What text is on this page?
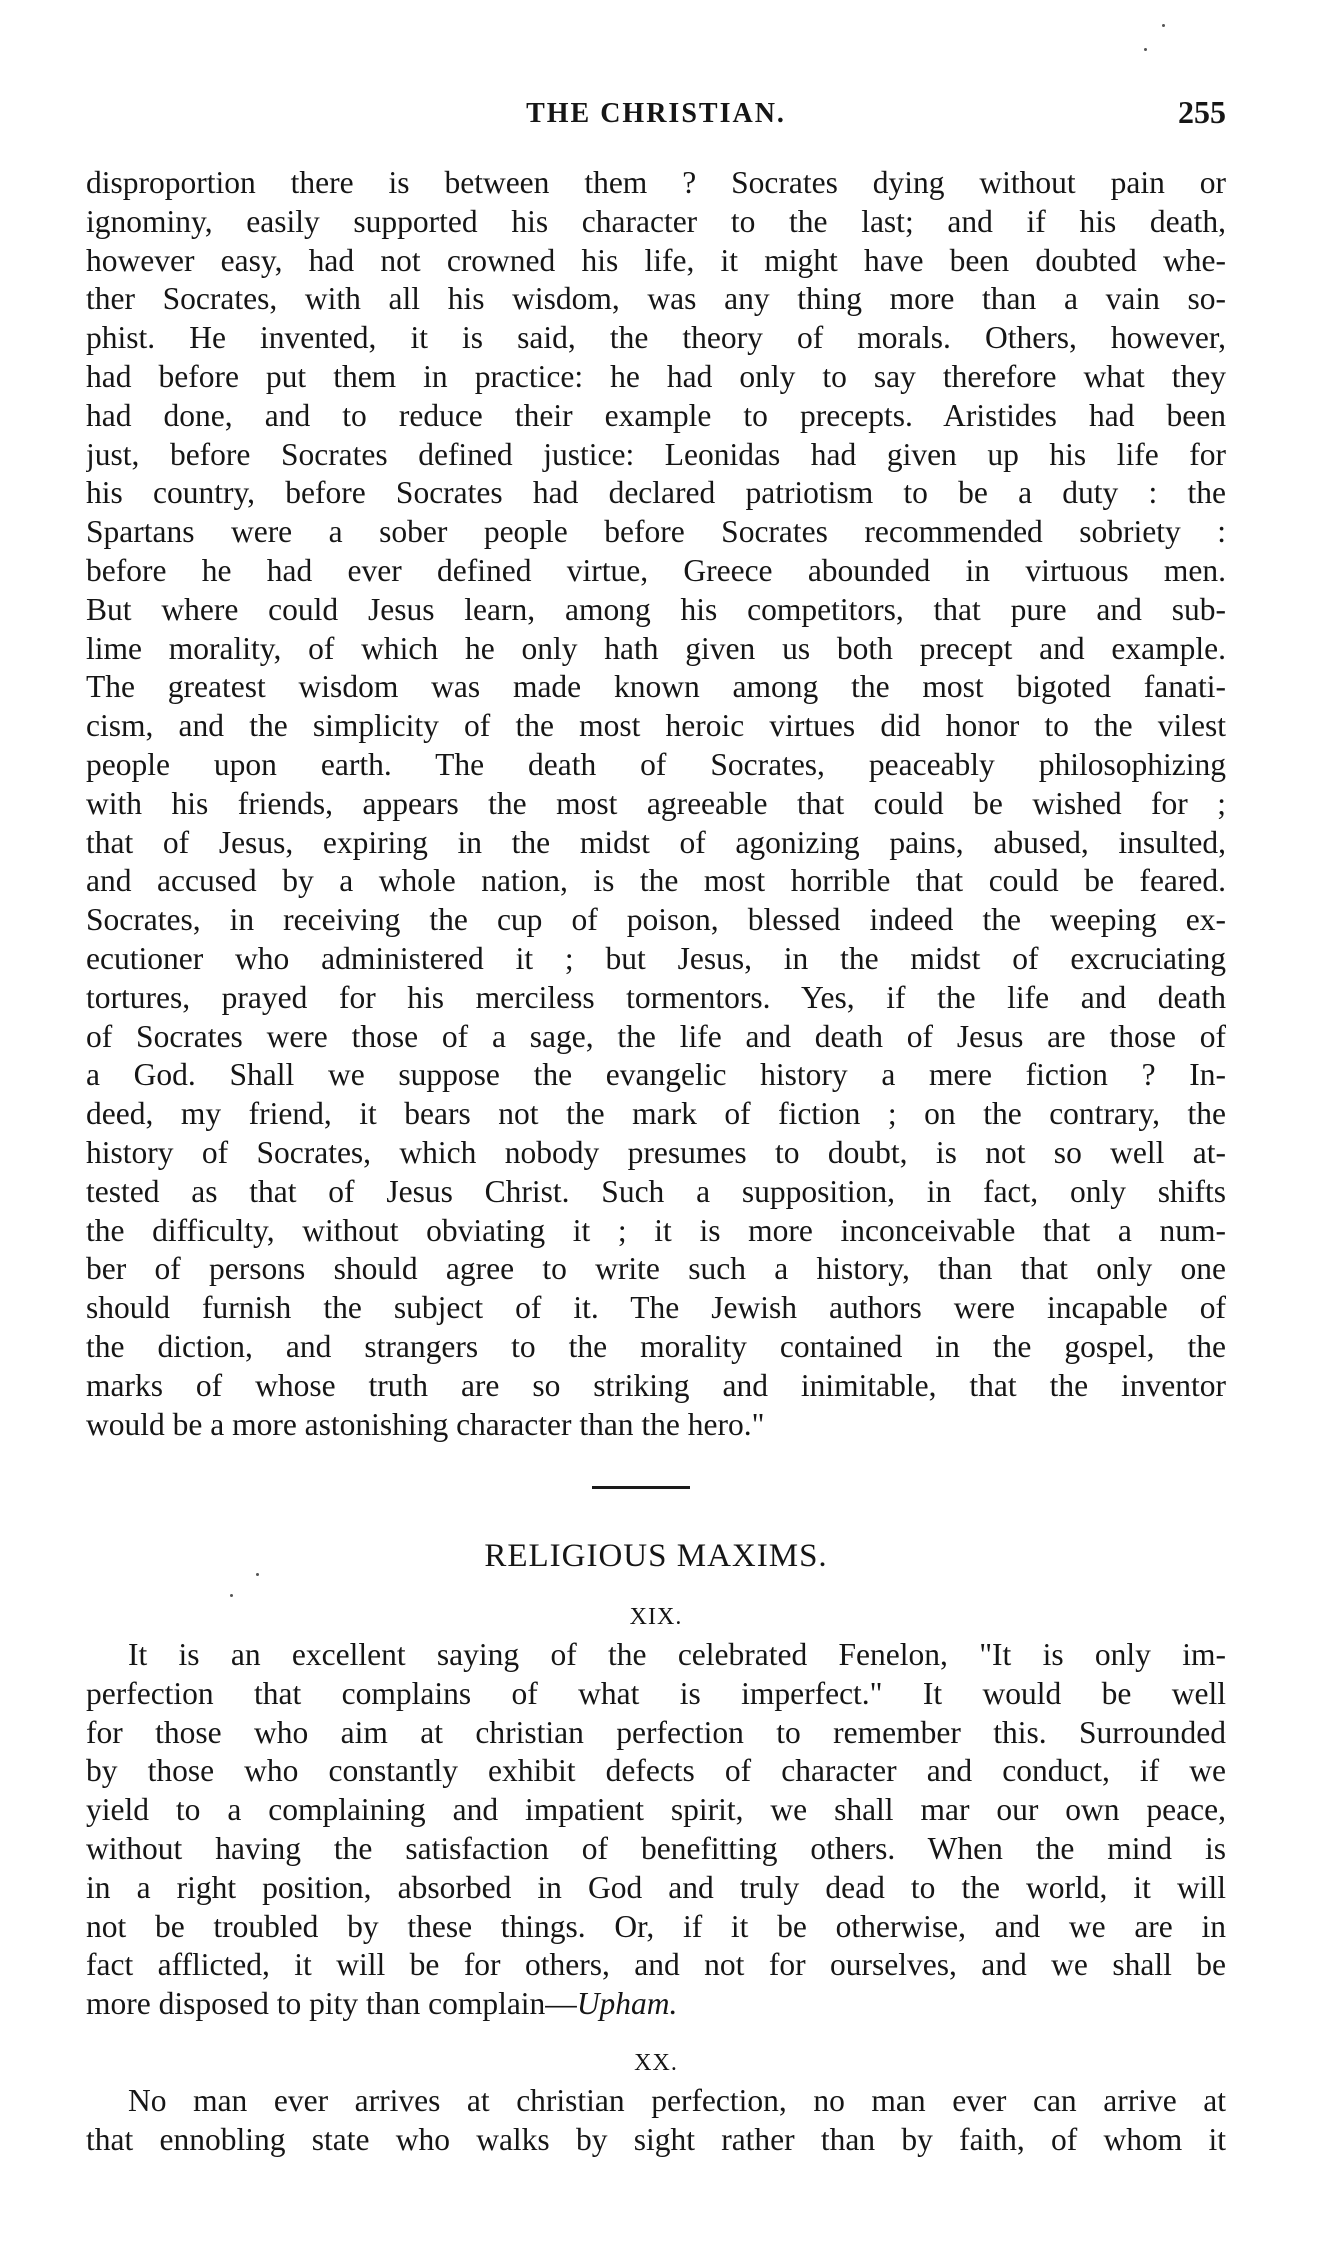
THE CHRISTIAN.	255
disproportion there is between them ? Socrates dying without pain or
ignominy, easily supported his character to the last; and if his death,
however easy, had not crowned his life, it might have been doubted whe-
ther Socrates, with all his wisdom, was any thing more than a vain so-
phist. He invented, it is said, the theory of morals. Others, however,
had before put them in practice: he had only to say therefore what they
had done, and to reduce their example to precepts. Aristides had been
just, before Socrates defined justice: Leonidas had given up his life for
his country, before Socrates had declared patriotism to be a duty : the
Spartans were a sober people before Socrates recommended sobriety :
before he had ever defined virtue, Greece abounded in virtuous men.
But where could Jesus learn, among his competitors, that pure and sub-
lime morality, of which he only hath given us both precept and example.
The greatest wisdom was made known among the most bigoted fanati-
cism, and the simplicity of the most heroic virtues did honor to the vilest
people upon earth. The death of Socrates, peaceably philosophizing
with his friends, appears the most agreeable that could be wished for ;
that of Jesus, expiring in the midst of agonizing pains, abused, insulted,
and accused by a whole nation, is the most horrible that could be feared.
Socrates, in receiving the cup of poison, blessed indeed the weeping ex-
ecutioner who administered it ; but Jesus, in the midst of excruciating
tortures, prayed for his merciless tormentors. Yes, if the life and death
of Socrates were those of a sage, the life and death of Jesus are those of
a God. Shall we suppose the evangelic history a mere fiction ? In-
deed, my friend, it bears not the mark of fiction ; on the contrary, the
history of Socrates, which nobody presumes to doubt, is not so well at-
tested as that of Jesus Christ. Such a supposition, in fact, only shifts
the difficulty, without obviating it ; it is more inconceivable that a num-
ber of persons should agree to write such a history, than that only one
should furnish the subject of it. The Jewish authors were incapable of
the diction, and strangers to the morality contained in the gospel, the
marks of whose truth are so striking and inimitable, that the inventor
would be a more astonishing character than the hero."
RELIGIOUS MAXIMS.
XIX.
It is an excellent saying of the celebrated Fenelon, "It is only im-
perfection that complains of what is imperfect." It would be well
for those who aim at christian perfection to remember this. Surrounded
by those who constantly exhibit defects of character and conduct, if we
yield to a complaining and impatient spirit, we shall mar our own peace,
without having the satisfaction of benefitting others. When the mind is
in a right position, absorbed in God and truly dead to the world, it will
not be troubled by these things. Or, if it be otherwise, and we are in
fact afflicted, it will be for others, and not for ourselves, and we shall be
more disposed to pity than complain—Upham.
XX.
No man ever arrives at christian perfection, no man ever can arrive at
that ennobling state who walks by sight rather than by faith, of whom it
